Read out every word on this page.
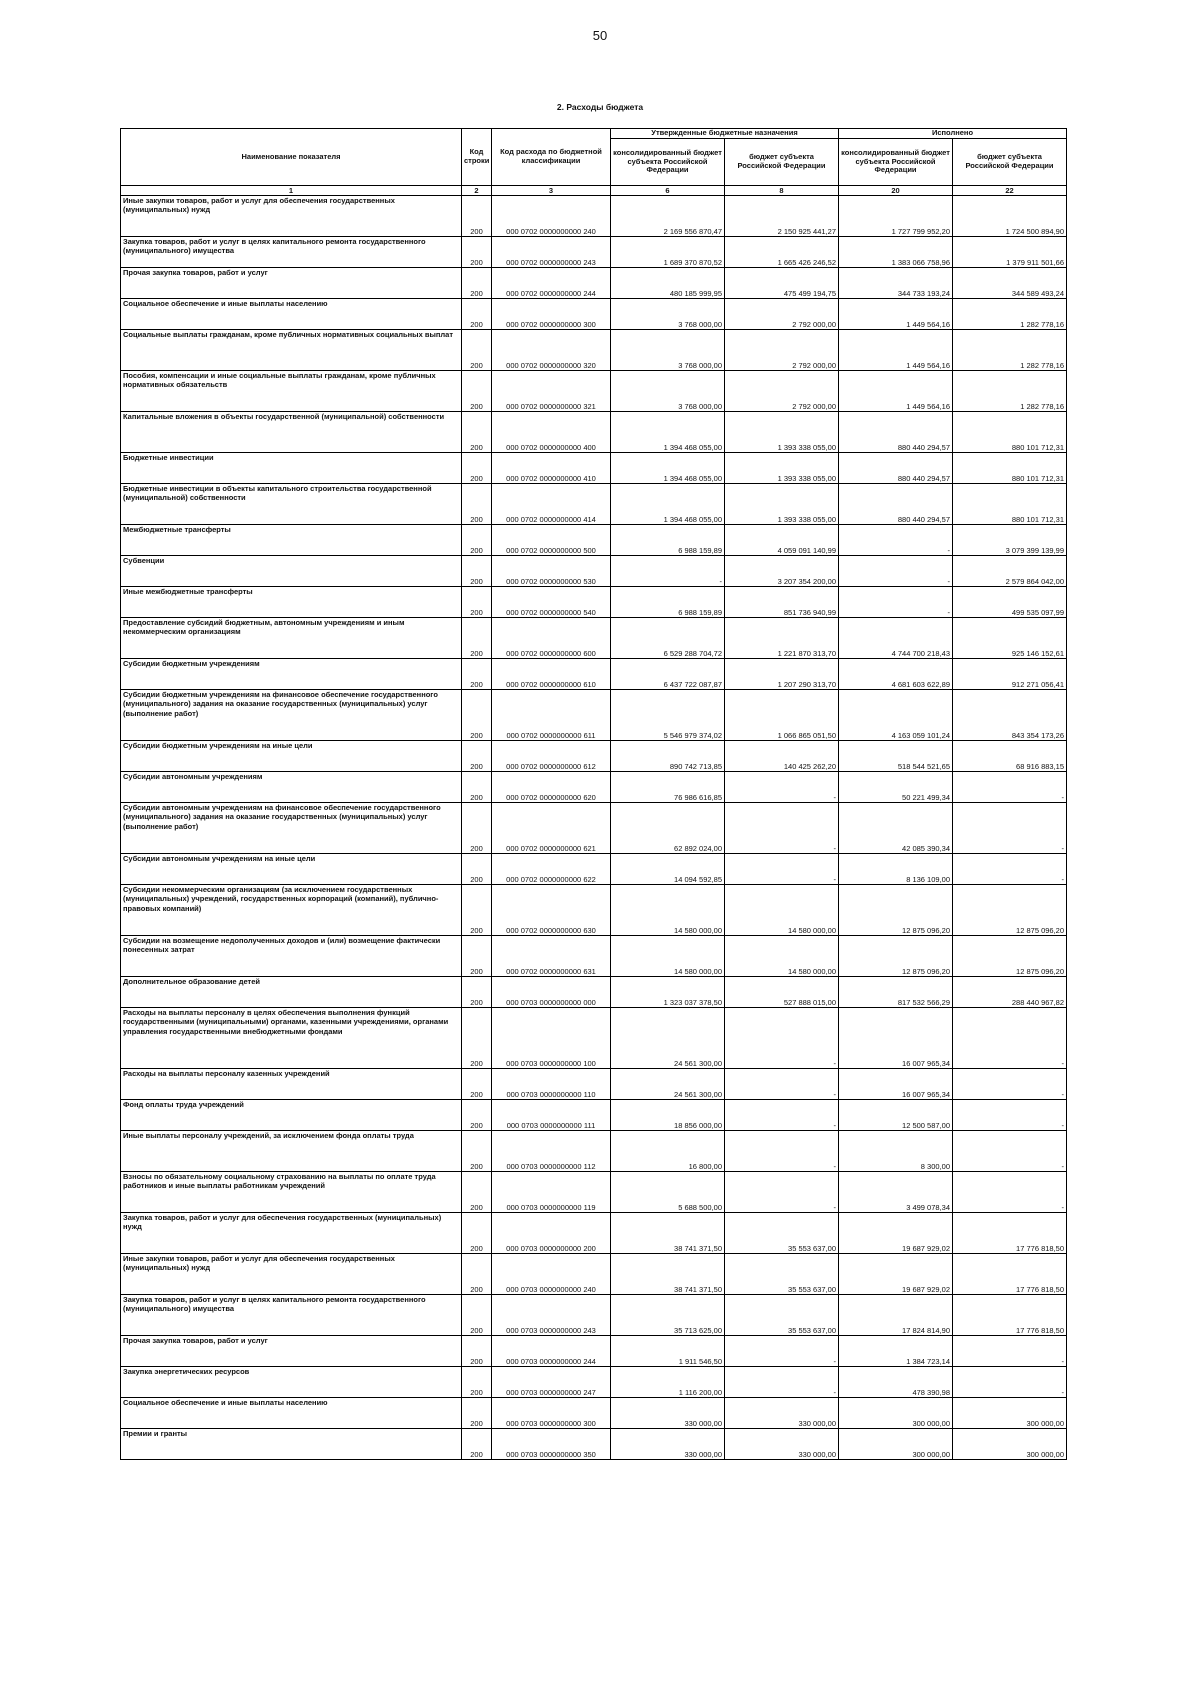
50
2. Расходы бюджета
Наименование показателя	Код строки	Код расхода по бюджетной классификации	Утвержденные бюджетные назначения		Исполнено	
			консолидированный бюджет субъекта Российской Федерации	бюджет субъекта Российской Федерации	консолидированный бюджет субъекта Российской Федерации	бюджет субъекта Российской Федерации
1	2	3	6	8	20	22
Иные закупки товаров, работ и услуг для обеспечения государственных (муниципальных) нужд	200	000 0702 0000000000 240	2 169 556 870,47	2 150 925 441,27	1 727 799 952,20	1 724 500 894,90
Закупка товаров, работ и услуг в целях капитального ремонта государственного (муниципального) имущества	200	000 0702 0000000000 243	1 689 370 870,52	1 665 426 246,52	1 383 066 758,96	1 379 911 501,66
Прочая закупка товаров, работ и услуг	200	000 0702 0000000000 244	480 185 999,95	475 499 194,75	344 733 193,24	344 589 493,24
Социальное обеспечение и иные выплаты населению	200	000 0702 0000000000 300	3 768 000,00	2 792 000,00	1 449 564,16	1 282 778,16
Социальные выплаты гражданам, кроме публичных нормативных социальных выплат	200	000 0702 0000000000 320	3 768 000,00	2 792 000,00	1 449 564,16	1 282 778,16
Пособия, компенсации и иные социальные выплаты гражданам, кроме публичных нормативных обязательств	200	000 0702 0000000000 321	3 768 000,00	2 792 000,00	1 449 564,16	1 282 778,16
Капитальные вложения в объекты государственной (муниципальной) собственности	200	000 0702 0000000000 400	1 394 468 055,00	1 393 338 055,00	880 440 294,57	880 101 712,31
Бюджетные инвестиции	200	000 0702 0000000000 410	1 394 468 055,00	1 393 338 055,00	880 440 294,57	880 101 712,31
Бюджетные инвестиции в объекты капитального строительства государственной (муниципальной) собственности	200	000 0702 0000000000 414	1 394 468 055,00	1 393 338 055,00	880 440 294,57	880 101 712,31
Межбюджетные трансферты	200	000 0702 0000000000 500	6 988 159,89	4 059 091 140,99	-	3 079 399 139,99
Субвенции	200	000 0702 0000000000 530	-	3 207 354 200,00	-	2 579 864 042,00
Иные межбюджетные трансферты	200	000 0702 0000000000 540	6 988 159,89	851 736 940,99	-	499 535 097,99
Предоставление субсидий бюджетным, автономным учреждениям и иным некоммерческим организациям	200	000 0702 0000000000 600	6 529 288 704,72	1 221 870 313,70	4 744 700 218,43	925 146 152,61
Субсидии бюджетным учреждениям	200	000 0702 0000000000 610	6 437 722 087,87	1 207 290 313,70	4 681 603 622,89	912 271 056,41
Субсидии бюджетным учреждениям на финансовое обеспечение государственного (муниципального) задания на оказание государственных (муниципальных) услуг (выполнение работ)	200	000 0702 0000000000 611	5 546 979 374,02	1 066 865 051,50	4 163 059 101,24	843 354 173,26
Субсидии бюджетным учреждениям на иные цели	200	000 0702 0000000000 612	890 742 713,85	140 425 262,20	518 544 521,65	68 916 883,15
Субсидии автономным учреждениям	200	000 0702 0000000000 620	76 986 616,85	-	50 221 499,34	-
Субсидии автономным учреждениям на финансовое обеспечение государственного (муниципального) задания на оказание государственных (муниципальных) услуг (выполнение работ)	200	000 0702 0000000000 621	62 892 024,00	-	42 085 390,34	-
Субсидии автономным учреждениям на иные цели	200	000 0702 0000000000 622	14 094 592,85	-	8 136 109,00	-
Субсидии некоммерческим организациям (за исключением государственных (муниципальных) учреждений, государственных корпораций (компаний), публично-правовых компаний)	200	000 0702 0000000000 630	14 580 000,00	14 580 000,00	12 875 096,20	12 875 096,20
Субсидии на возмещение недополученных доходов и (или) возмещение фактически понесенных затрат	200	000 0702 0000000000 631	14 580 000,00	14 580 000,00	12 875 096,20	12 875 096,20
Дополнительное образование детей	200	000 0703 0000000000 000	1 323 037 378,50	527 888 015,00	817 532 566,29	288 440 967,82
Расходы на выплаты персоналу в целях обеспечения выполнения функций государственными (муниципальными) органами, казенными учреждениями, органами управления государственными внебюджетными фондами	200	000 0703 0000000000 100	24 561 300,00	-	16 007 965,34	-
Расходы на выплаты персоналу казенных учреждений	200	000 0703 0000000000 110	24 561 300,00	-	16 007 965,34	-
Фонд оплаты труда учреждений	200	000 0703 0000000000 111	18 856 000,00	-	12 500 587,00	-
Иные выплаты персоналу учреждений, за исключением фонда оплаты труда	200	000 0703 0000000000 112	16 800,00	-	8 300,00	-
Взносы по обязательному социальному страхованию на выплаты по оплате труда работников и иные выплаты работникам учреждений	200	000 0703 0000000000 119	5 688 500,00	-	3 499 078,34	-
Закупка товаров, работ и услуг для обеспечения государственных (муниципальных) нужд	200	000 0703 0000000000 200	38 741 371,50	35 553 637,00	19 687 929,02	17 776 818,50
Иные закупки товаров, работ и услуг для обеспечения государственных (муниципальных) нужд	200	000 0703 0000000000 240	38 741 371,50	35 553 637,00	19 687 929,02	17 776 818,50
Закупка товаров, работ и услуг в целях капитального ремонта государственного (муниципального) имущества	200	000 0703 0000000000 243	35 713 625,00	35 553 637,00	17 824 814,90	17 776 818,50
Прочая закупка товаров, работ и услуг	200	000 0703 0000000000 244	1 911 546,50	-	1 384 723,14	-
Закупка энергетических ресурсов	200	000 0703 0000000000 247	1 116 200,00	-	478 390,98	-
Социальное обеспечение и иные выплаты населению	200	000 0703 0000000000 300	330 000,00	330 000,00	300 000,00	300 000,00
Премии и гранты	200	000 0703 0000000000 350	330 000,00	330 000,00	300 000,00	300 000,00
